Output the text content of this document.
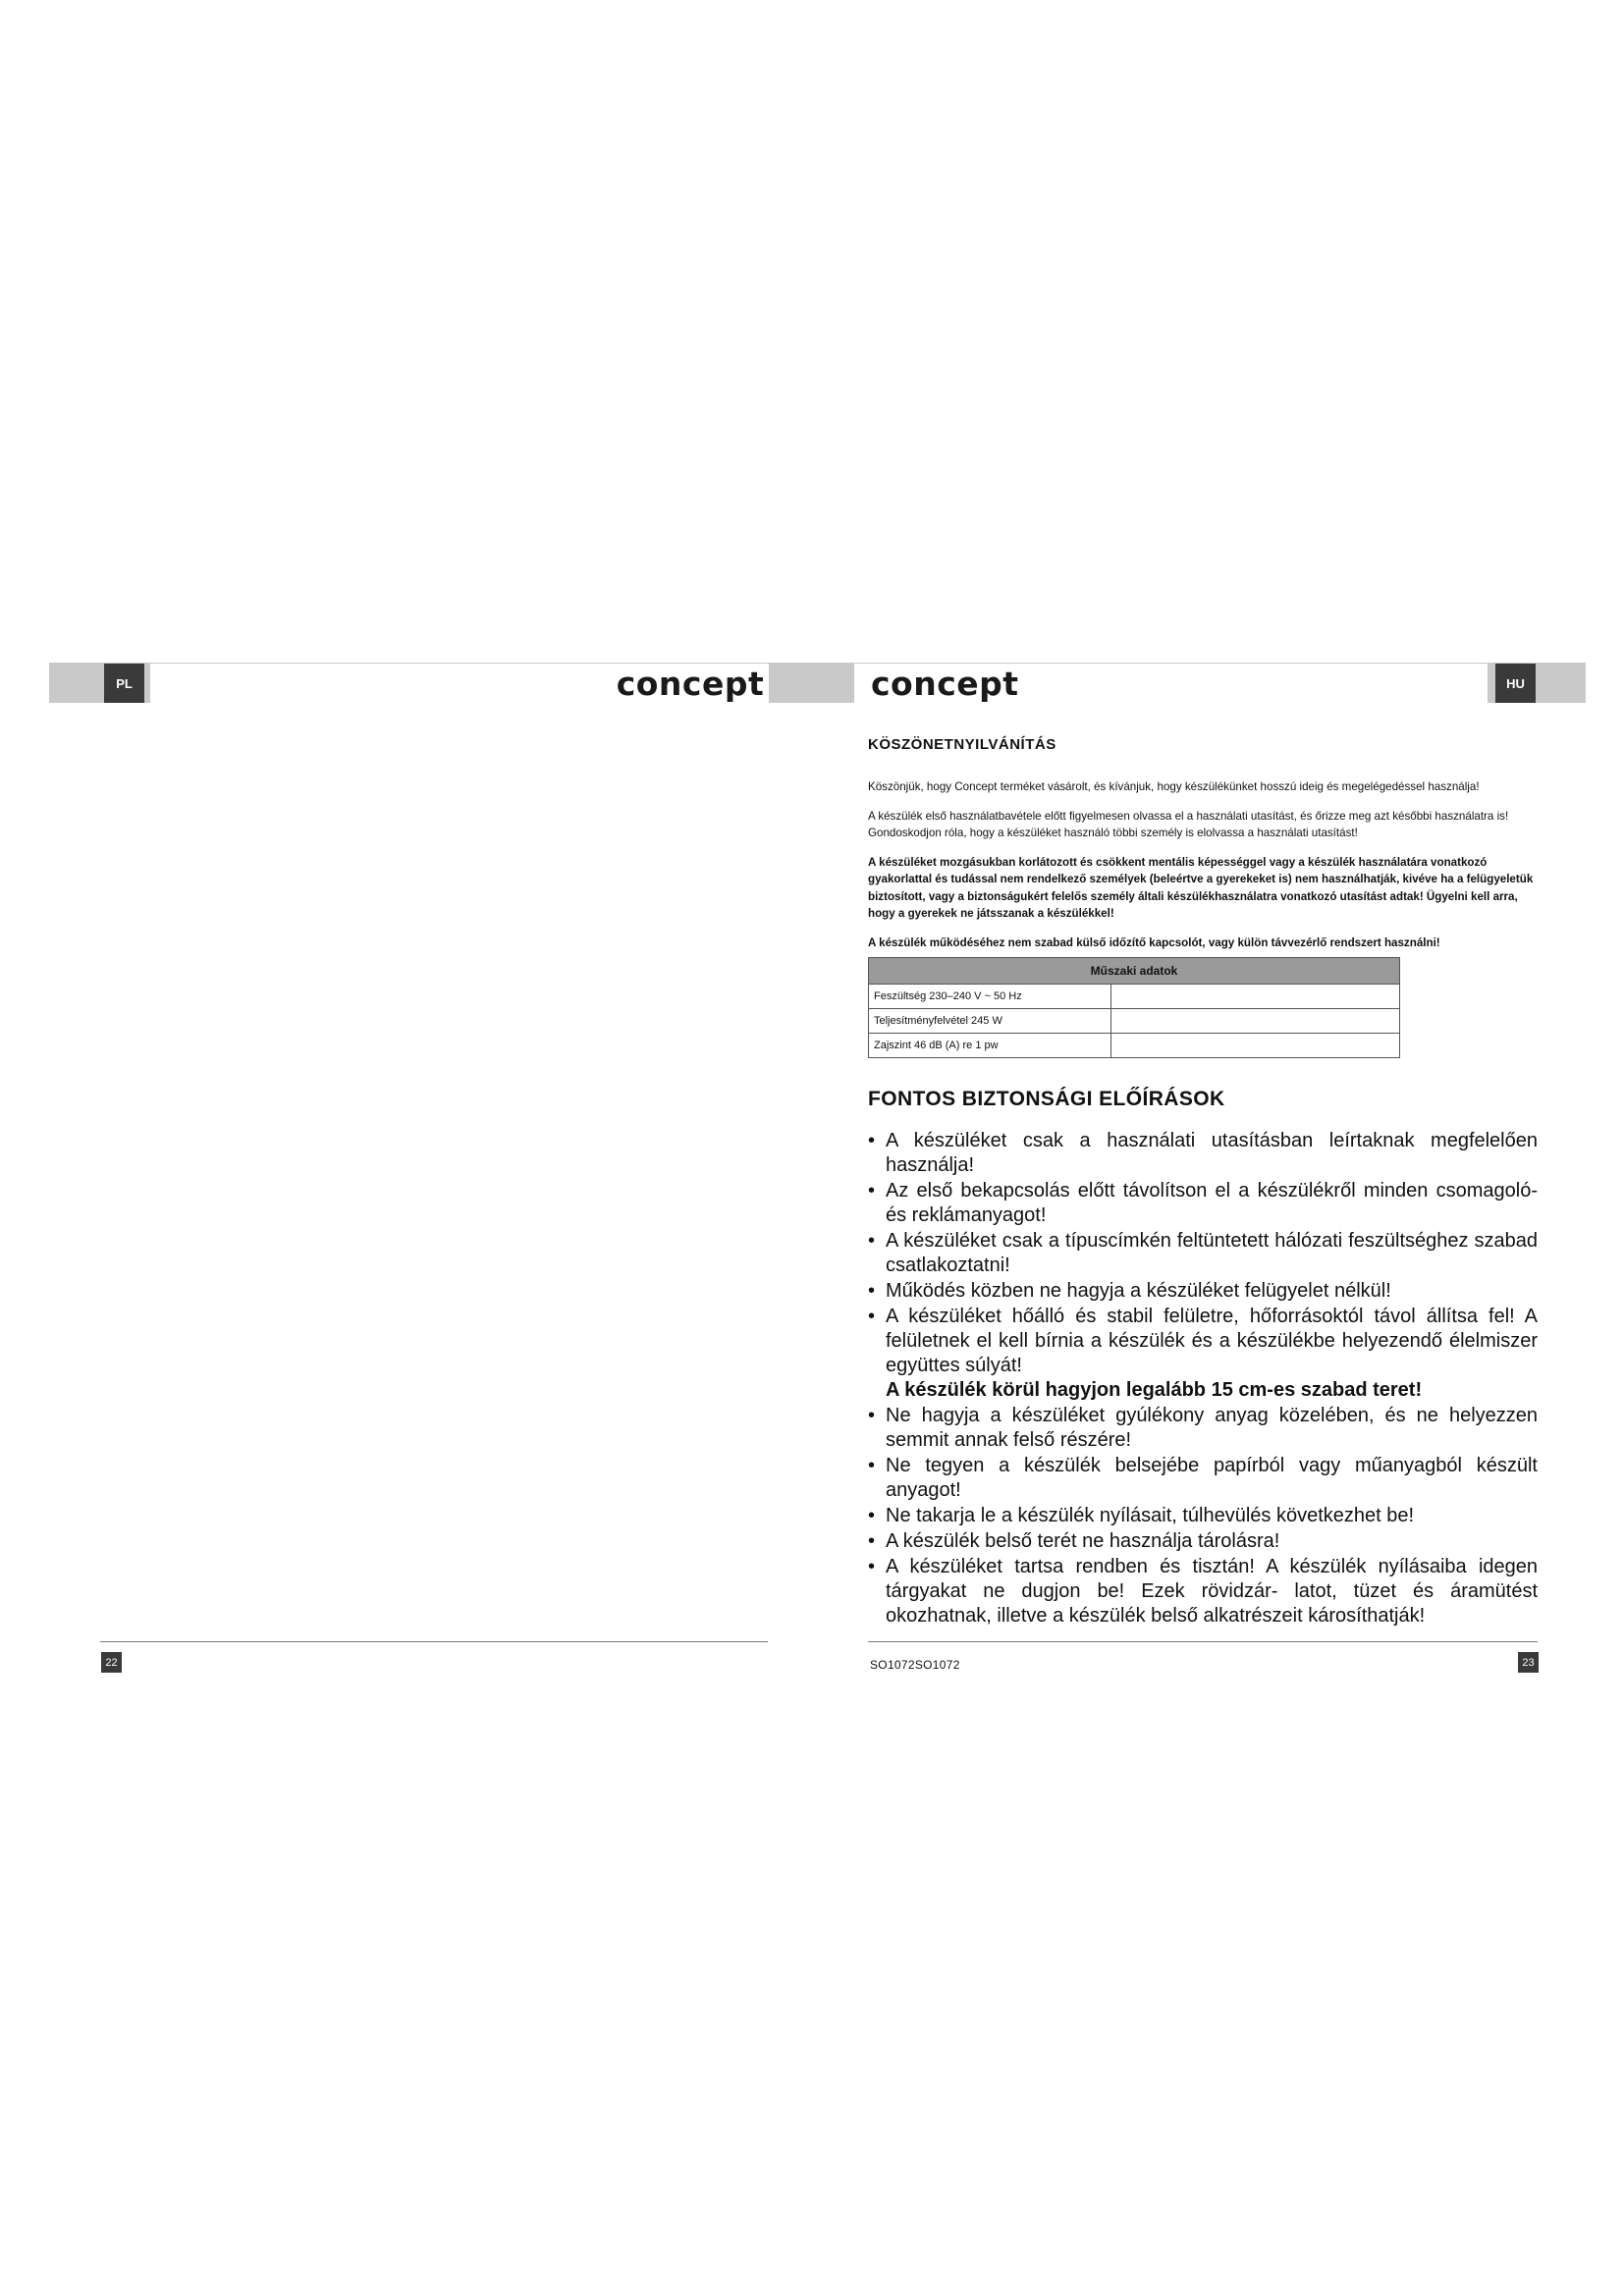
PL	concept	concept	HU
KÖSZÖNETNYILVÁNÍTÁS

Köszönjük, hogy Concept terméket vásárolt, és kívánjuk, hogy készülékünket hosszú ideig és megelégedéssel használja!

A készülék első használatbavétele előtt figyelmesen olvassa el a használati utasítást, és őrizze meg azt későbbi használatra is! Gondoskodjon róla, hogy a készüléket használó többi személy is elolvassa a használati utasítást!

A készüléket mozgásukban korlátozott és csökkent mentális képességgel vagy a készülék használatára vonatkozó gyakorlattal és tudással nem rendelkező személyek (beleértve a gyerekeket is) nem használhatják, kivéve ha a felügyeletük biztosított, vagy a biztonságukért felelős személy általi készülékhasználatra vonatkozó utasítást adtak! Ügyelni kell arra, hogy a gyerekek ne játsszanak a készülékkel!

A készülék működéséhez nem szabad külső időzítő kapcsolót, vagy külön távvezérlő rendszert használni!

Műszaki adatok	
Feszültség 230–240 V ~ 50 Hz	
Teljesítményfelvétel 245 W	
Zajszint 46 dB (A) re 1 pw	
FONTOS BIZTONSÁGI ELŐÍRÁSOK
• A készüléket csak a használati utasításban leírtaknak megfelelően használja!
• Az első bekapcsolás előtt távolítson el a készülékről minden csomagoló- és reklámanyagot!
• A készüléket csak a típuscímkén feltüntetett hálózati feszültséghez szabad csatlakoztatni!
• Működés közben ne hagyja a készüléket felügyelet nélkül!
• A készüléket hőálló és stabil felületre, hőforrásoktól távol állítsa fel! A felületnek el kell bírnia a készülék és a készülékbe helyezendő élelmiszer együttes súlyát!
A készülék körül hagyjon legalább 15 cm-es szabad teret!
• Ne hagyja a készüléket gyúlékony anyag közelében, és ne helyezzen semmit annak felső részére!
• Ne tegyen a készülék belsejébe papírból vagy műanyagból készült anyagot!
• Ne takarja le a készülék nyílásait, túlhevülés következhet be!
• A készülék belső terét ne használja tárolásra!
• A készüléket tartsa rendben és tisztán! A készülék nyílásaiba idegen tárgyakat ne dugjon be! Ezek rövidzár- latot, tüzet és áramütést okozhatnak, illetve a készülék belső alkatrészeit károsíthatják!
22	SO1072SO1072	23
